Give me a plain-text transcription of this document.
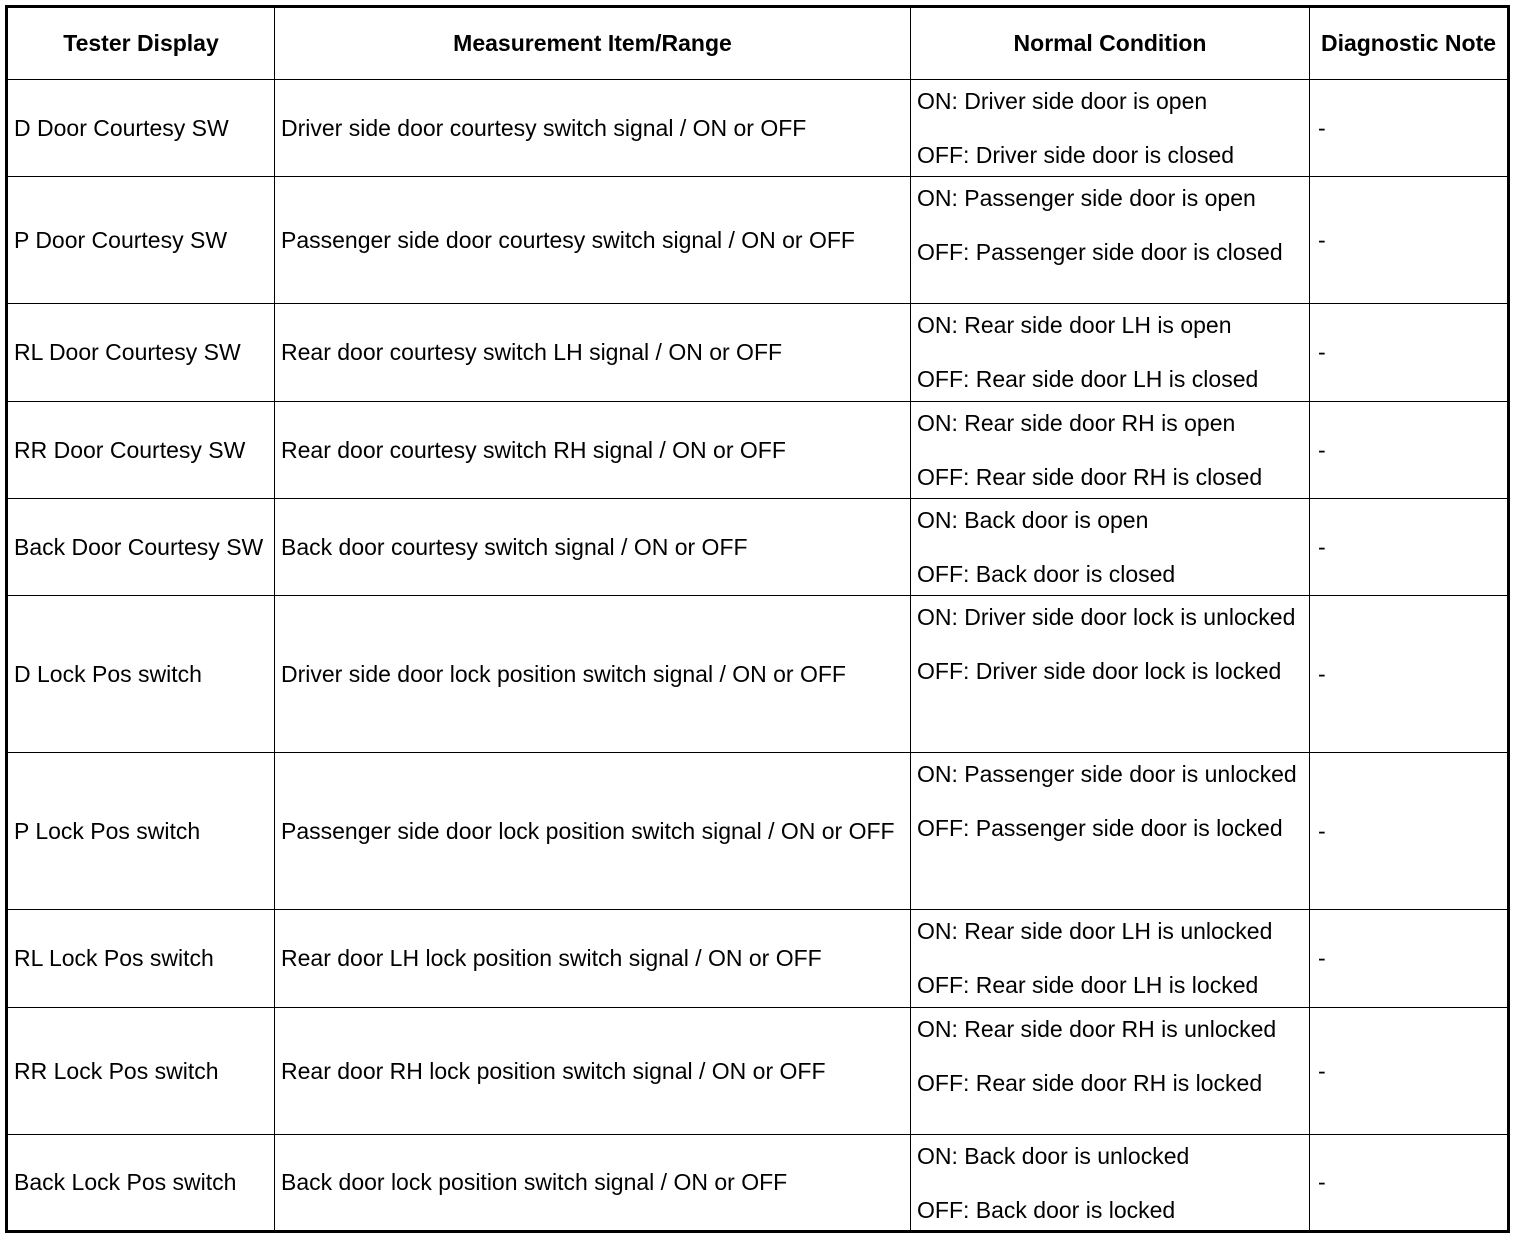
Tester Display	Measurement Item/Range	Normal Condition	Diagnostic Note
D Door Courtesy SW	Driver side door courtesy switch signal / ON or OFF	ON: Driver side door is open

OFF: Driver side door is closed	-
P Door Courtesy SW	Passenger side door courtesy switch signal / ON or OFF	ON: Passenger side door is open

OFF: Passenger side door is closed	-
RL Door Courtesy SW	Rear door courtesy switch LH signal / ON or OFF	ON: Rear side door LH is open

OFF: Rear side door LH is closed	-
RR Door Courtesy SW	Rear door courtesy switch RH signal / ON or OFF	ON: Rear side door RH is open

OFF: Rear side door RH is closed	-
Back Door Courtesy SW	Back door courtesy switch signal / ON or OFF	ON: Back door is open

OFF: Back door is closed	-
D Lock Pos switch	Driver side door lock position switch signal / ON or OFF	ON: Driver side door lock is unlocked

OFF: Driver side door lock is locked	-
P Lock Pos switch	Passenger side door lock position switch signal / ON or OFF	ON: Passenger side door is unlocked

OFF: Passenger side door is locked	-
RL Lock Pos switch	Rear door LH lock position switch signal / ON or OFF	ON: Rear side door LH is unlocked

OFF: Rear side door LH is locked	-
RR Lock Pos switch	Rear door RH lock position switch signal / ON or OFF	ON: Rear side door RH is unlocked

OFF: Rear side door RH is locked	-
Back Lock Pos switch	Back door lock position switch signal / ON or OFF	ON: Back door is unlocked

OFF: Back door is locked	-
